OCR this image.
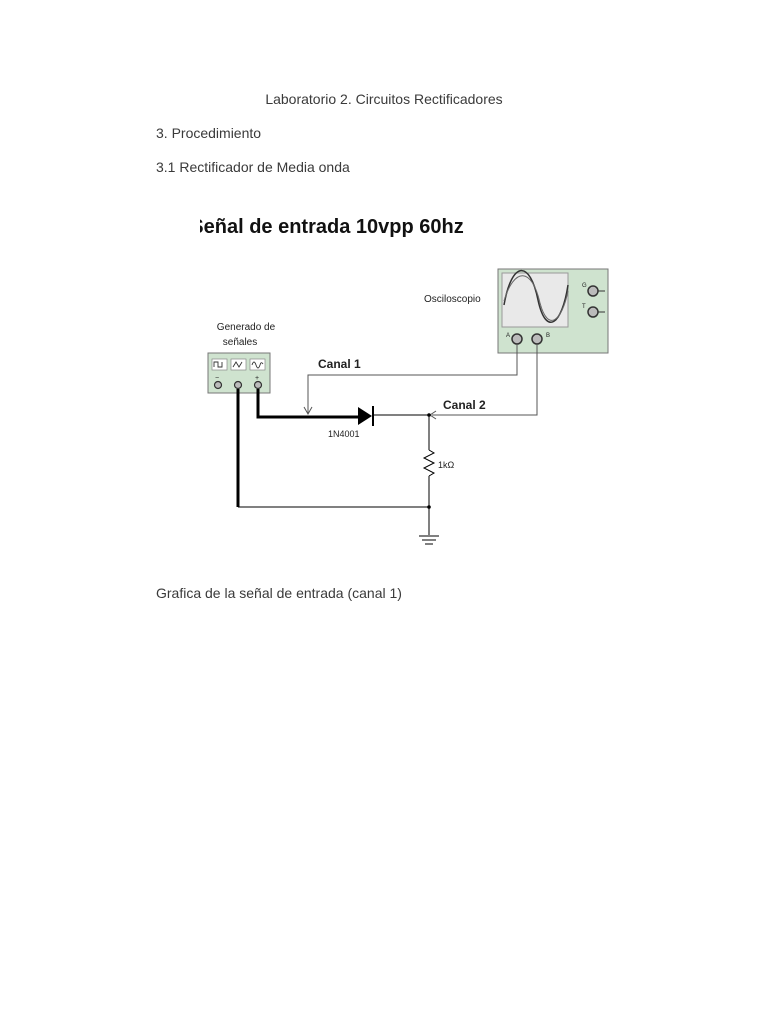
Laboratorio 2. Circuitos Rectificadores
3. Procedimiento
3.1 Rectificador de Media onda
Señal de entrada 10vpp 60hz
Osciloscopio
A	B
G
T
Generado de
señales
−	+
1N4001
1kΩ
Canal 1
Canal 2
Grafica de la señal de entrada (canal 1)
